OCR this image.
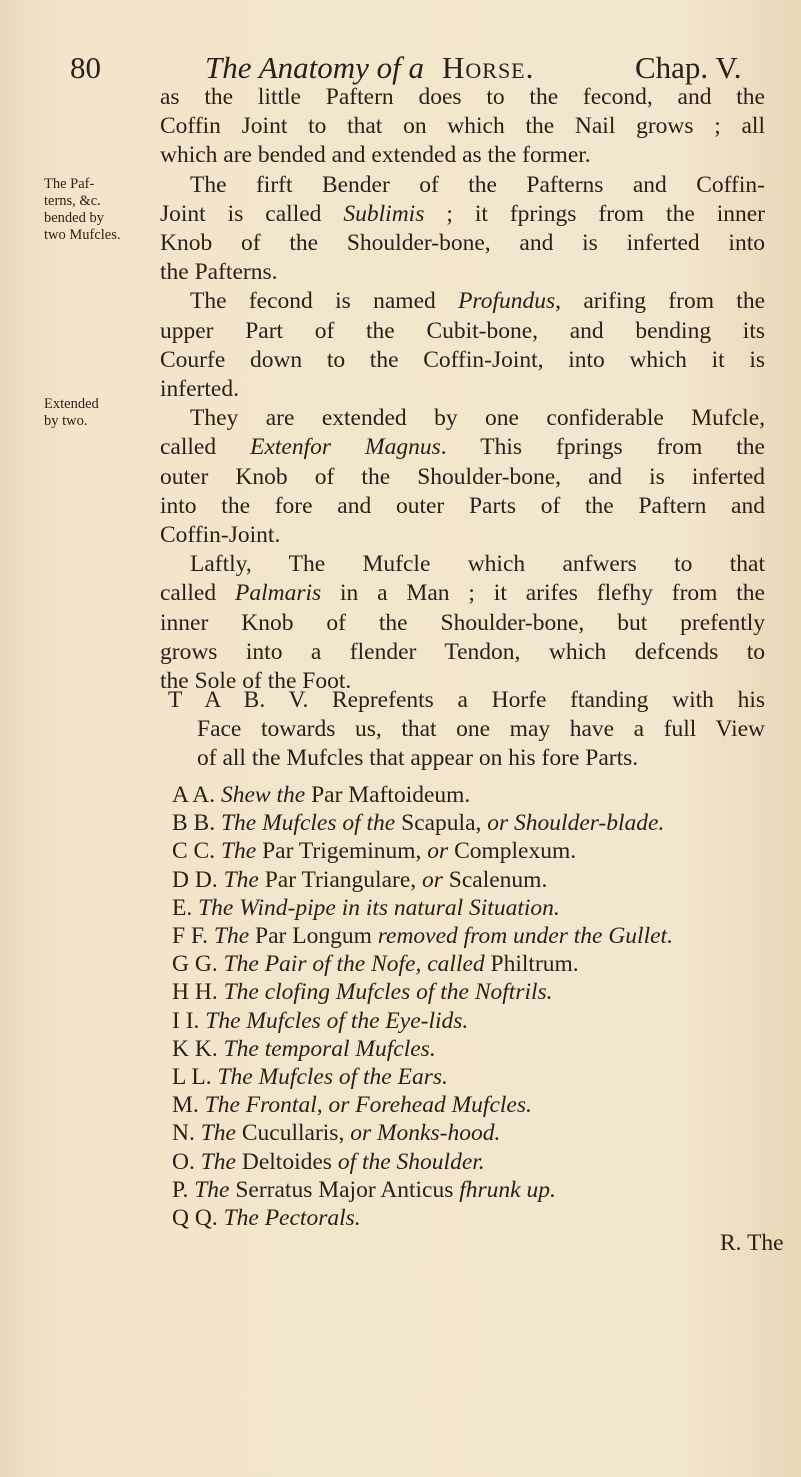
80	The Anatomy of a Horse.	Chap. V.
as the little Paftern does to the fecond, and the
Coffin Joint to that on which the Nail grows ; all
which are bended and extended as the former.
The firft Bender of the Pafterns and Coffin-
Joint is called Sublimis ; it fprings from the inner
Knob of the Shoulder-bone, and is inferted into
the Pafterns.
The fecond is named Profundus, arifing from the
upper Part of the Cubit-bone, and bending its
Courfe down to the Coffin-Joint, into which it is
inferted.
They are extended by one confiderable Mufcle,
called Extenfor Magnus. This fprings from the
outer Knob of the Shoulder-bone, and is inferted
into the fore and outer Parts of the Paftern and
Coffin-Joint.
Laftly, The Mufcle which anfwers to that
called Palmaris in a Man ; it arifes flefhy from the
inner Knob of the Shoulder-bone, but prefently
grows into a flender Tendon, which defcends to
the Sole of the Foot.
T A B. V. Reprefents a Horfe ftanding with his
Face towards us, that one may have a full View
of all the Mufcles that appear on his fore Parts.
A A. Shew the Par Maftoideum.
B B. The Mufcles of the Scapula, or Shoulder-blade.
C C. The Par Trigeminum, or Complexum.
D D. The Par Triangulare, or Scalenum.
E. The Wind-pipe in its natural Situation.
F F. The Par Longum removed from under the Gullet.
G G. The Pair of the Nofe, called Philtrum.
H H. The clofing Mufcles of the Noftrils.
I I. The Mufcles of the Eye-lids.
K K. The temporal Mufcles.
L L. The Mufcles of the Ears.
M. The Frontal, or Forehead Mufcles.
N. The Cucullaris, or Monks-hood.
O. The Deltoides of the Shoulder.
P. The Serratus Major Anticus fhrunk up.
Q Q. The Pectorals.
R. The
The Paf-
terns, &c.
bended by
two Mufcles.
Extended
by two.
